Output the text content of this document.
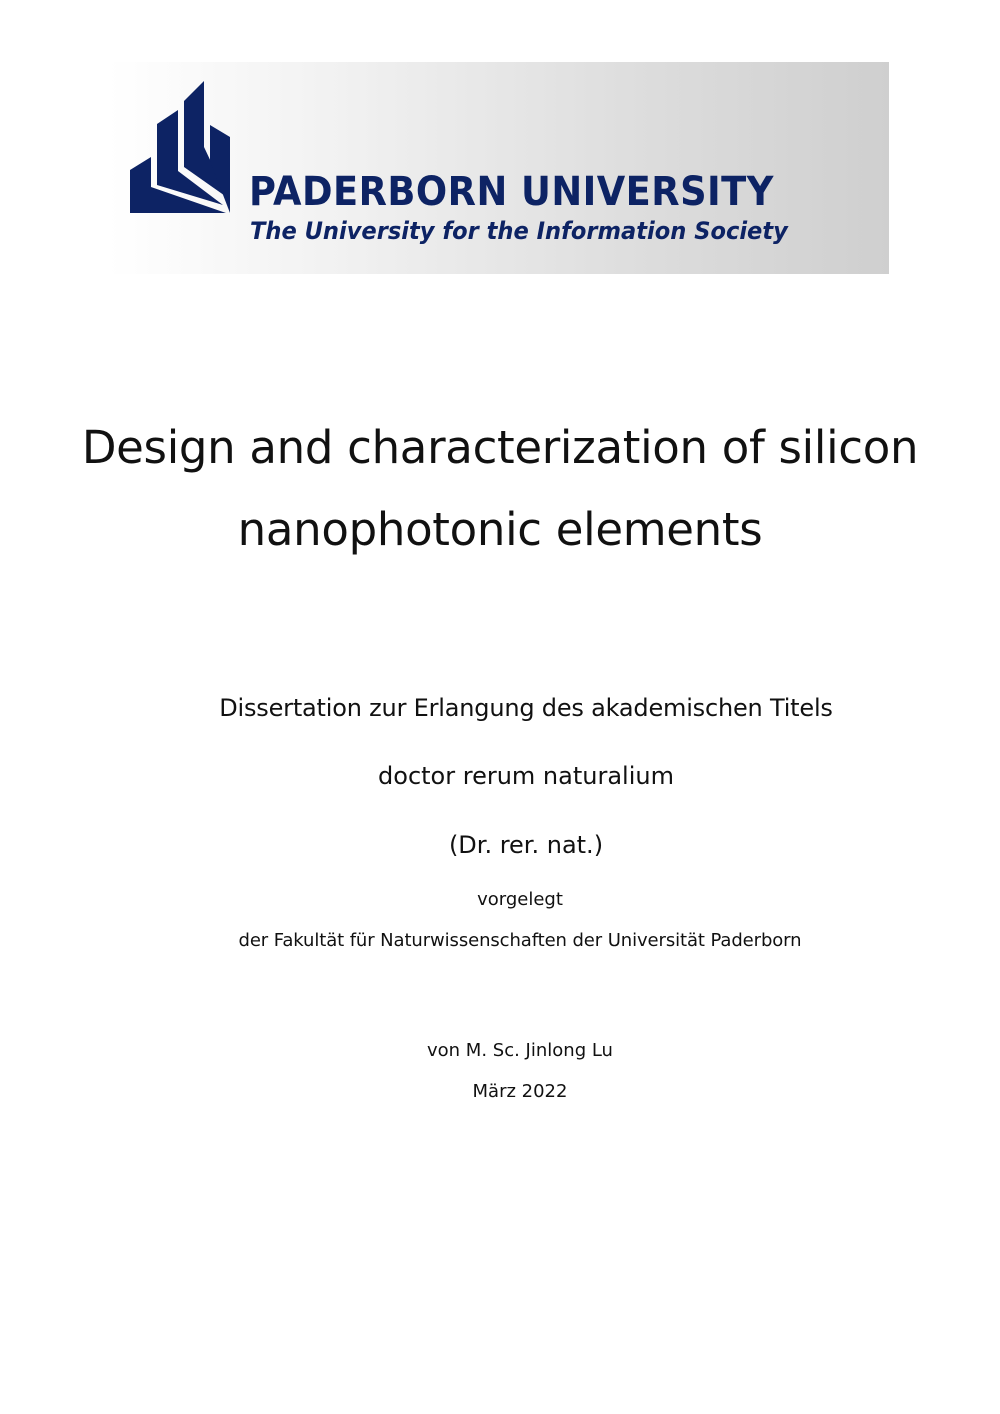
PADERBORN UNIVERSITY
The University for the Information Society
Design and characterization of silicon
nanophotonic elements
Dissertation zur Erlangung des akademischen Titels
doctor rerum naturalium
(Dr. rer. nat.)
vorgelegt
der Fakultät für Naturwissenschaften der Universität Paderborn
von M. Sc. Jinlong Lu
März 2022
